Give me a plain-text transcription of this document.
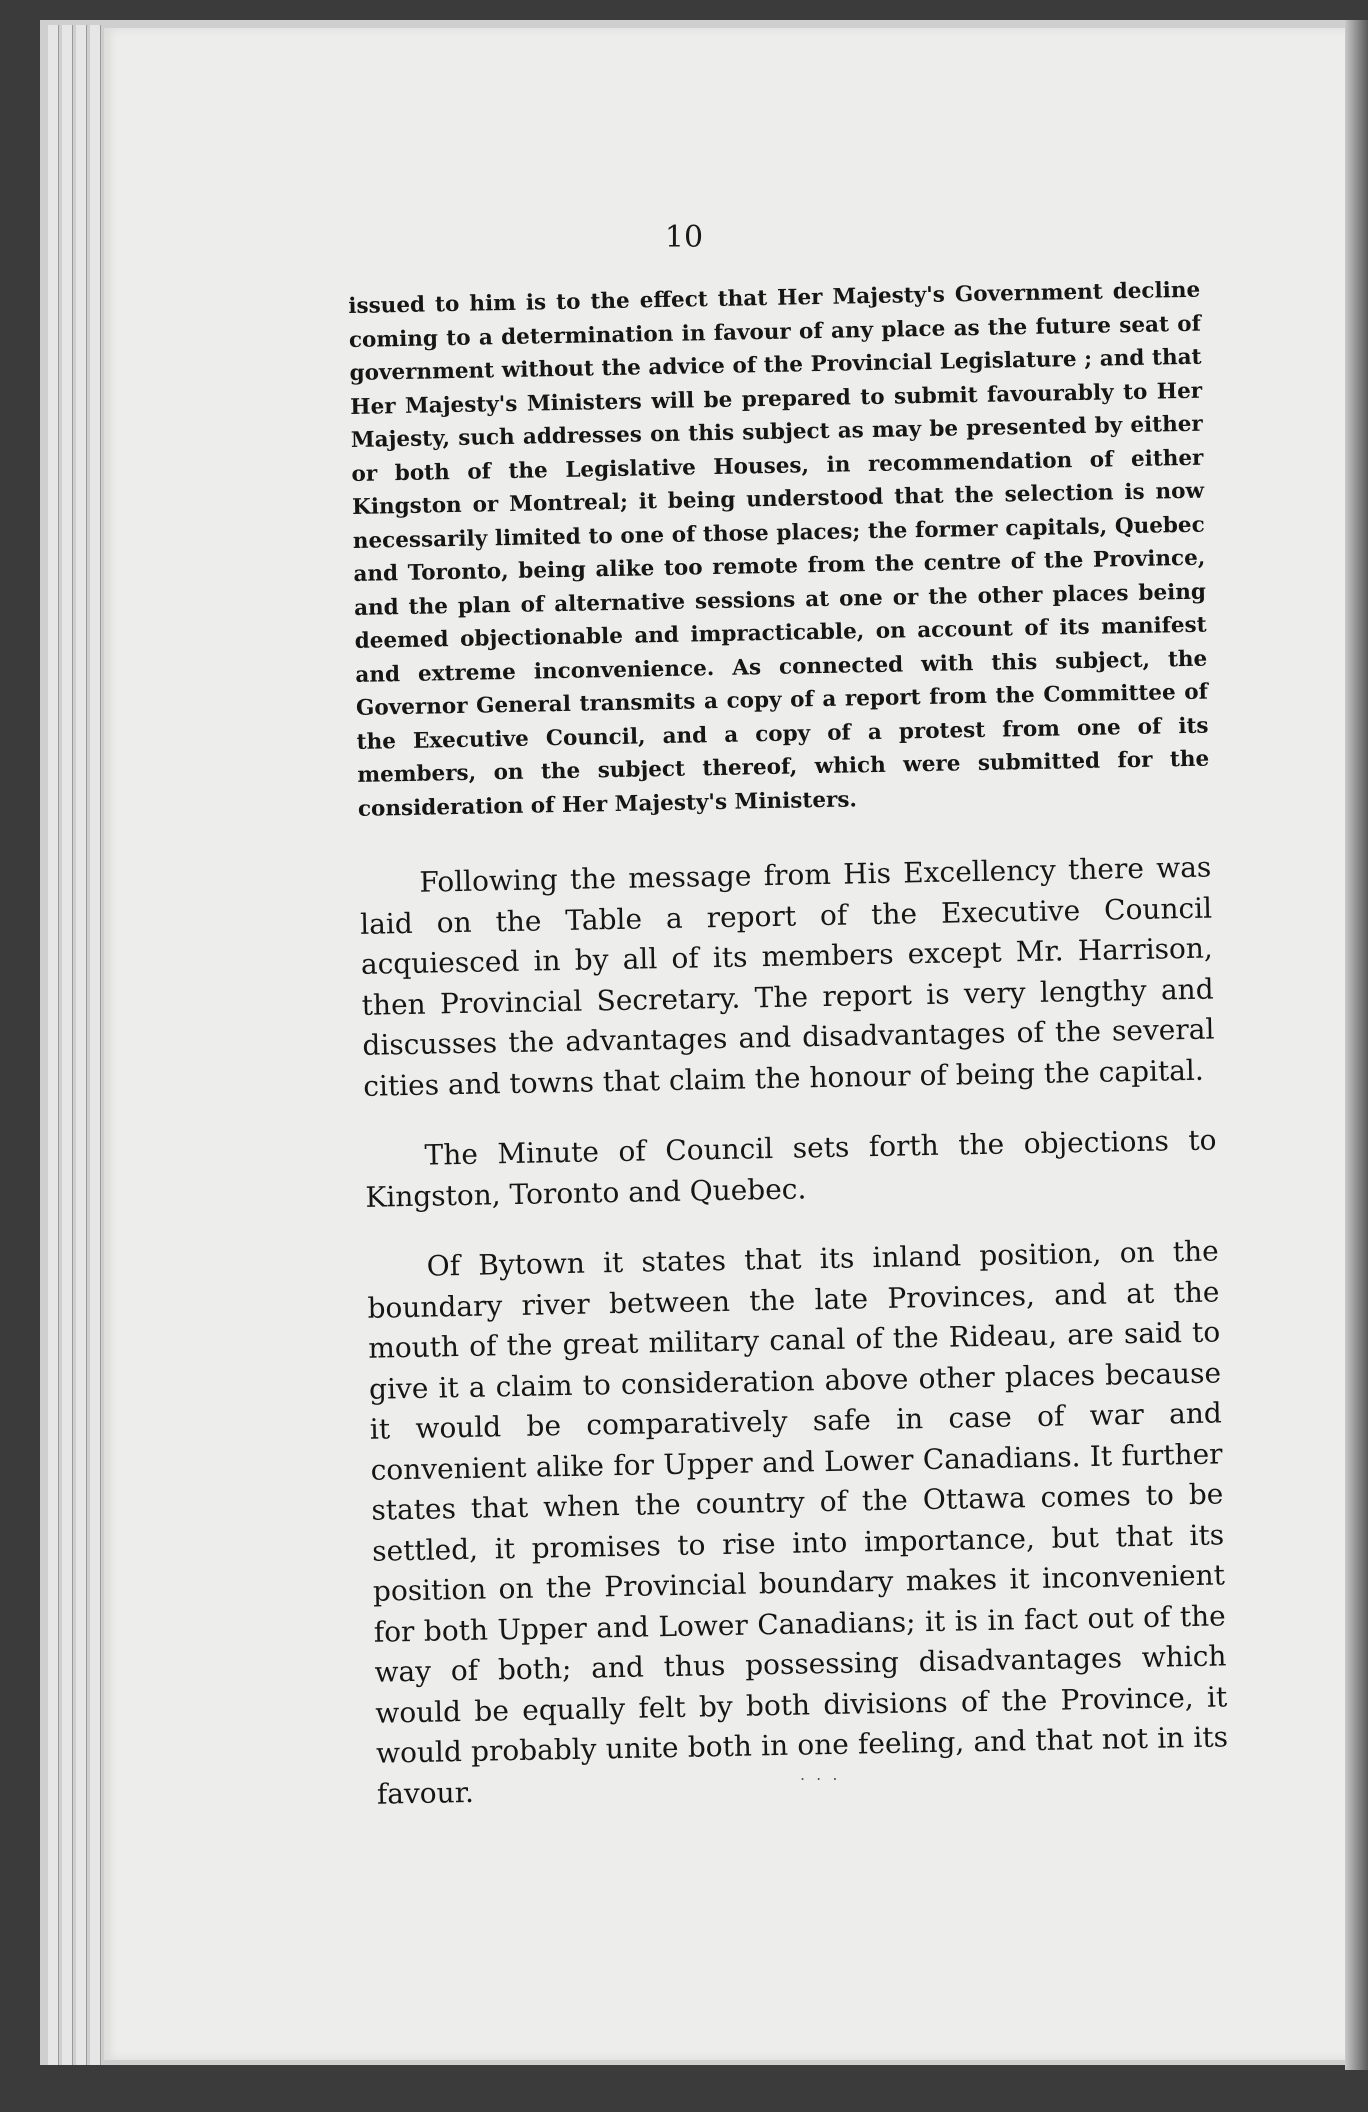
10

issued to him is to the effect that Her Majesty's Government decline coming to a determination in favour of any place as the future seat of government without the advice of the Provincial Legislature ; and that Her Majesty's Ministers will be prepared to submit favourably to Her Majesty, such addresses on this subject as may be presented by either or both of the Legislative Houses, in recommendation of either Kingston or Montreal; it being understood that the selection is now necessarily limited to one of those places; the former capitals, Quebec and Toronto, being alike too remote from the centre of the Province, and the plan of alternative sessions at one or the other places being deemed objectionable and impracticable, on account of its manifest and extreme inconvenience. As connected with this subject, the Governor General transmits a copy of a report from the Committee of the Executive Council, and a copy of a protest from one of its members, on the subject thereof, which were submitted for the consideration of Her Majesty's Ministers.

Following the message from His Excellency there was laid on the Table a report of the Executive Council acquiesced in by all of its members except Mr. Harrison, then Provincial Secretary. The report is very lengthy and discusses the advantages and disadvantages of the several cities and towns that claim the honour of being the capital.

The Minute of Council sets forth the objections to Kingston, Toronto and Quebec.

Of Bytown it states that its inland position, on the boundary river between the late Provinces, and at the mouth of the great military canal of the Rideau, are said to give it a claim to consideration above other places because it would be comparatively safe in case of war and convenient alike for Upper and Lower Canadians. It further states that when the country of the Ottawa comes to be settled, it promises to rise into importance, but that its position on the Provincial boundary makes it inconvenient for both Upper and Lower Canadians; it is in fact out of the way of both; and thus possessing disadvantages which would be equally felt by both divisions of the Province, it would probably unite both in one feeling, and that not in its favour.

. . .
